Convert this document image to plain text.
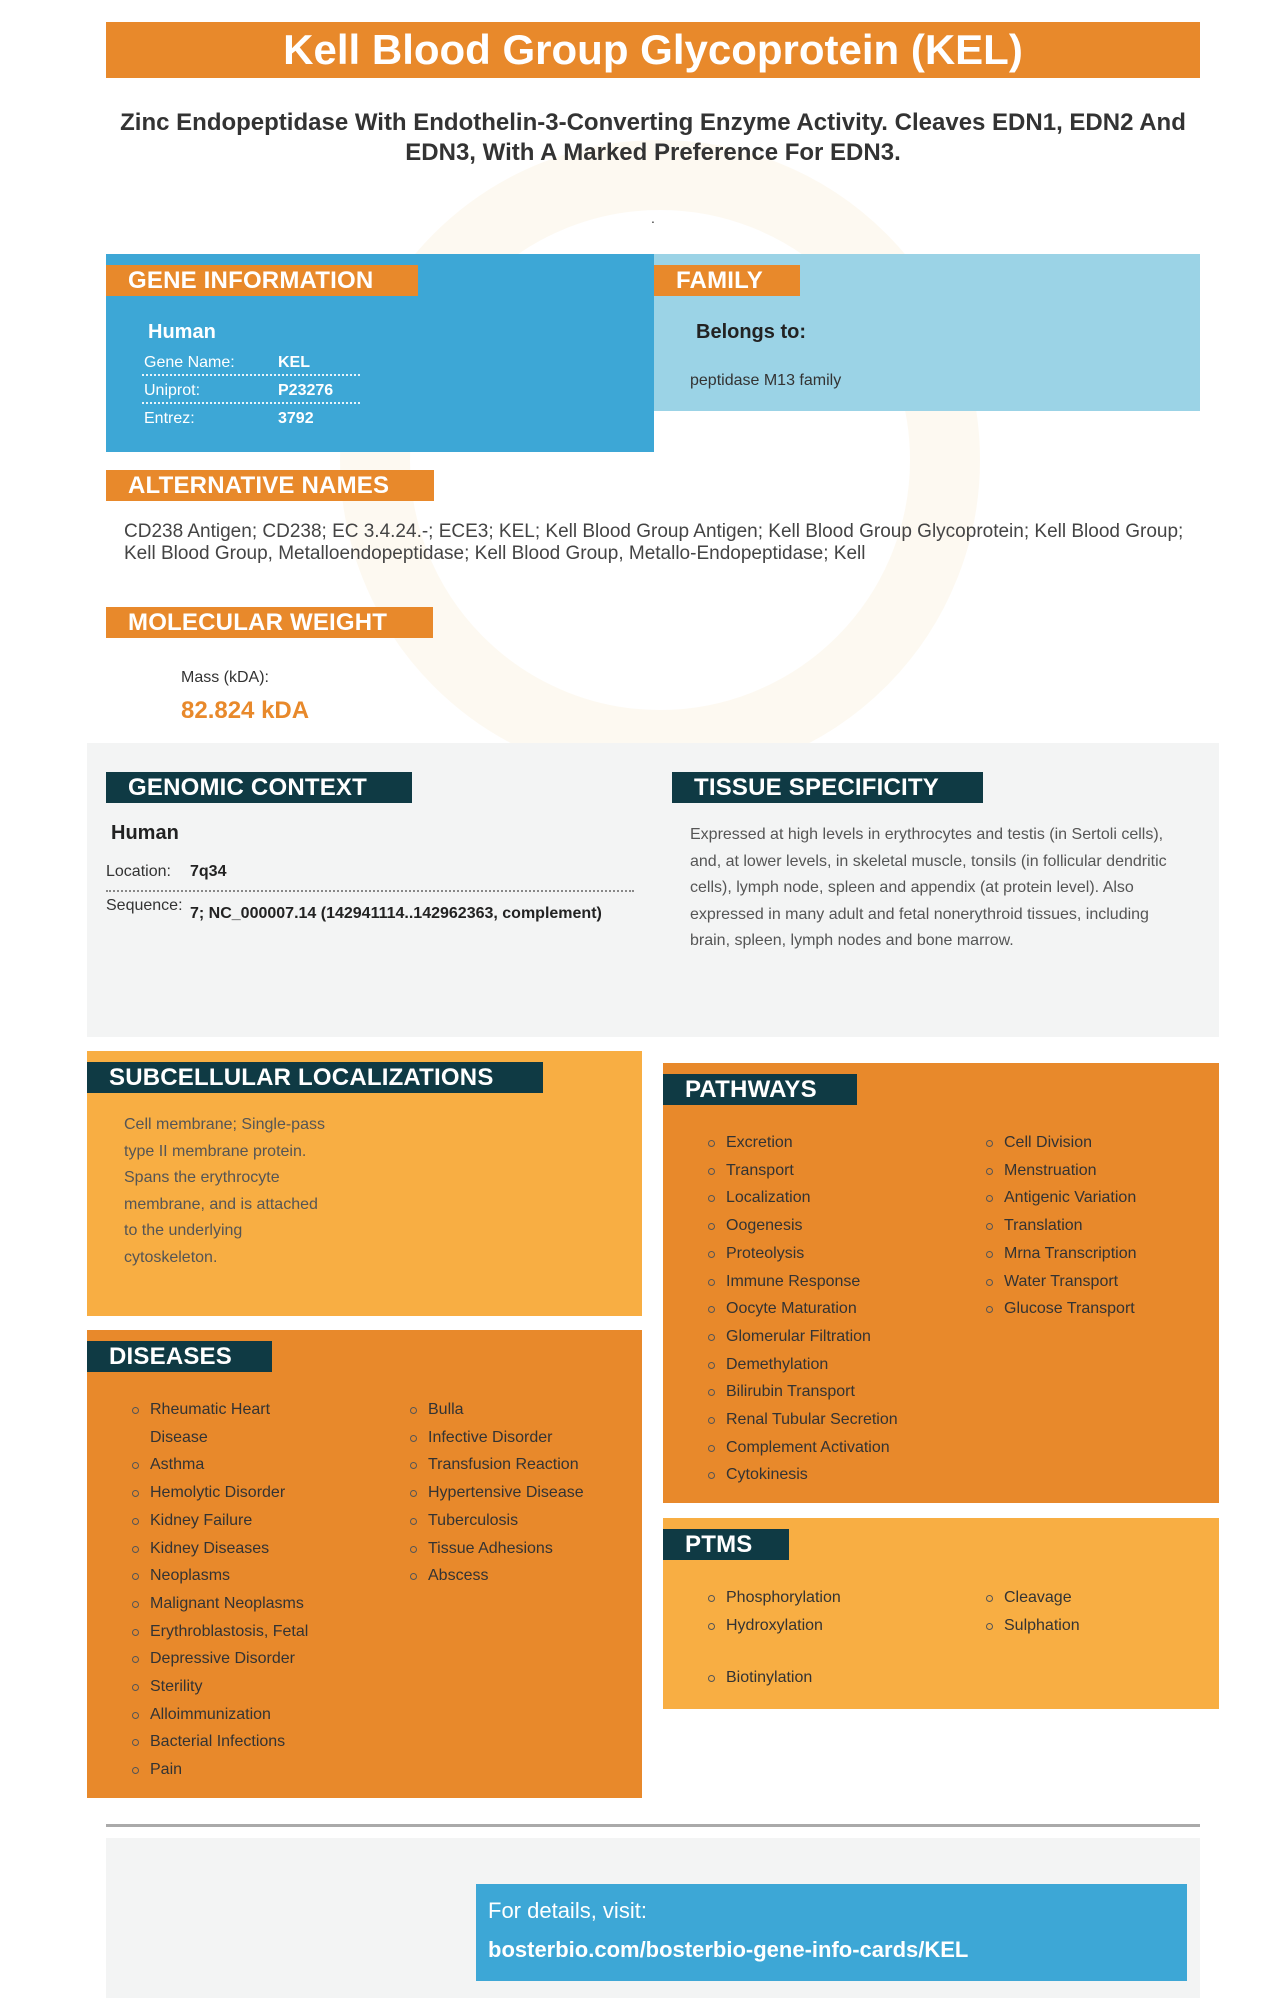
Kell Blood Group Glycoprotein (KEL)
Zinc Endopeptidase With Endothelin-3-Converting Enzyme Activity. Cleaves EDN1, EDN2 And EDN3, With A Marked Preference For EDN3.
.
GENE INFORMATION
Human
Gene Name:	KEL
Uniprot:	P23276
Entrez:	3792
FAMILY
Belongs to:
peptidase M13 family
ALTERNATIVE NAMES
CD238 Antigen; CD238; EC 3.4.24.-; ECE3; KEL; Kell Blood Group Antigen; Kell Blood Group Glycoprotein; Kell Blood Group; Kell Blood Group, Metalloendopeptidase; Kell Blood Group, Metallo-Endopeptidase; Kell
MOLECULAR WEIGHT
Mass (kDA):
82.824 kDA
GENOMIC CONTEXT
Human
Location: 7q34
Sequence: 7; NC_000007.14 (142941114..142962363, complement)
TISSUE SPECIFICITY
Expressed at high levels in erythrocytes and testis (in Sertoli cells), and, at lower levels, in skeletal muscle, tonsils (in follicular dendritic cells), lymph node, spleen and appendix (at protein level). Also expressed in many adult and fetal nonerythroid tissues, including brain, spleen, lymph nodes and bone marrow.
SUBCELLULAR LOCALIZATIONS
Cell membrane; Single-pass type II membrane protein. Spans the erythrocyte membrane, and is attached to the underlying cytoskeleton.
DISEASES
Rheumatic Heart Disease
Asthma
Hemolytic Disorder
Kidney Failure
Kidney Diseases
Neoplasms
Malignant Neoplasms
Erythroblastosis, Fetal
Depressive Disorder
Sterility
Alloimmunization
Bacterial Infections
Pain
Bulla
Infective Disorder
Transfusion Reaction
Hypertensive Disease
Tuberculosis
Tissue Adhesions
Abscess
PATHWAYS
Excretion
Transport
Localization
Oogenesis
Proteolysis
Immune Response
Oocyte Maturation
Glomerular Filtration
Demethylation
Bilirubin Transport
Renal Tubular Secretion
Complement Activation
Cytokinesis
Cell Division
Menstruation
Antigenic Variation
Translation
Mrna Transcription
Water Transport
Glucose Transport
PTMS
Phosphorylation
Hydroxylation
Cleavage
Sulphation
Biotinylation
For details, visit:
bosterbio.com/bosterbio-gene-info-cards/KEL
